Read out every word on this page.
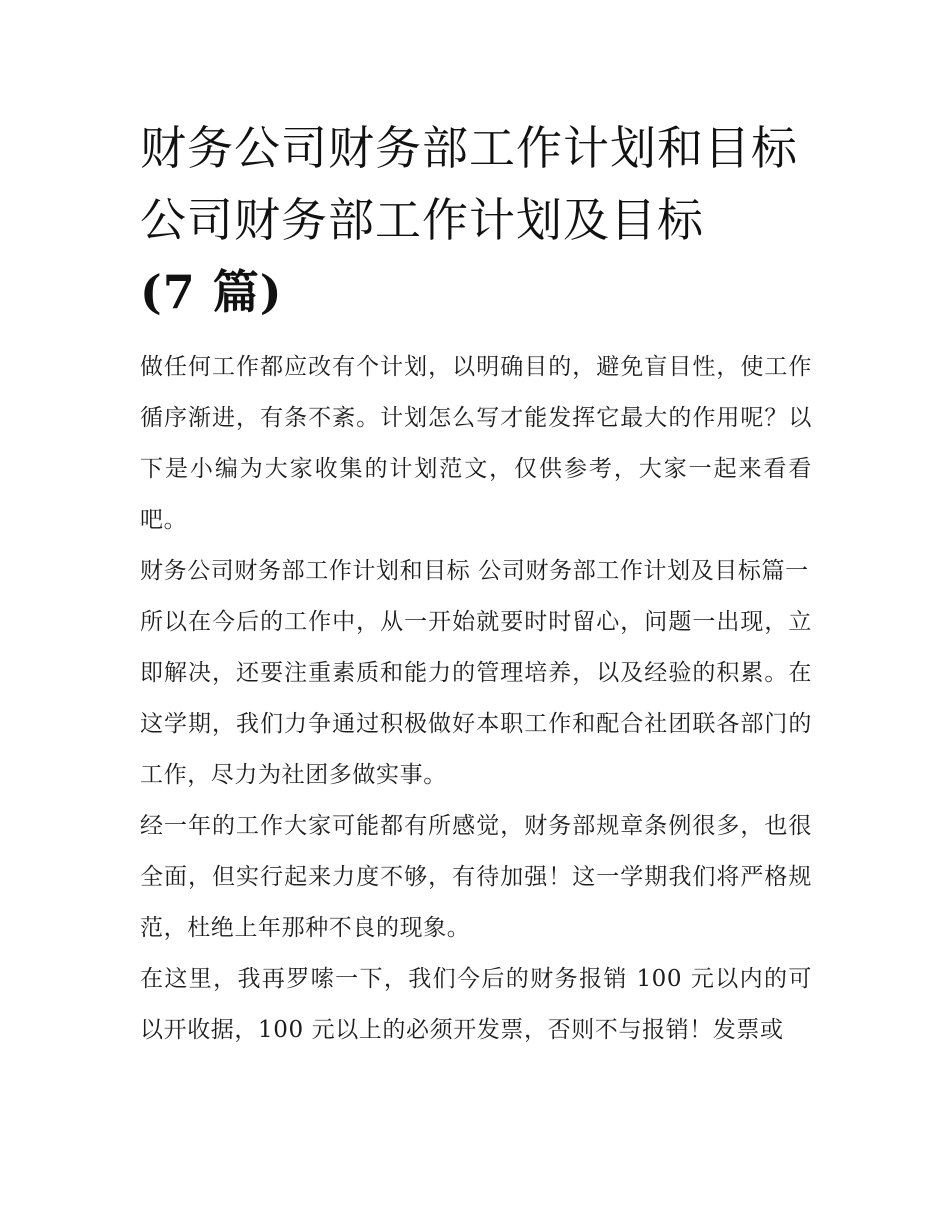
财务公司财务部工作计划和目标 公司财务部工作计划及目标
(7 篇)

做任何工作都应改有个计划，以明确目的，避免盲目性，使工作循序渐进，有条不紊。计划怎么写才能发挥它最大的作用呢？以下是小编为大家收集的计划范文，仅供参考，大家一起来看看吧。

财务公司财务部工作计划和目标 公司财务部工作计划及目标篇一

所以在今后的工作中，从一开始就要时时留心，问题一出现，立即解决，还要注重素质和能力的管理培养，以及经验的积累。在这学期，我们力争通过积极做好本职工作和配合社团联各部门的工作，尽力为社团多做实事。

经一年的工作大家可能都有所感觉，财务部规章条例很多，也很全面，但实行起来力度不够，有待加强！这一学期我们将严格规范，杜绝上年那种不良的现象。

在这里，我再罗嗦一下，我们今后的财务报销 100 元以内的可以开收据，100 元以上的必须开发票，否则不与报销！发票或
